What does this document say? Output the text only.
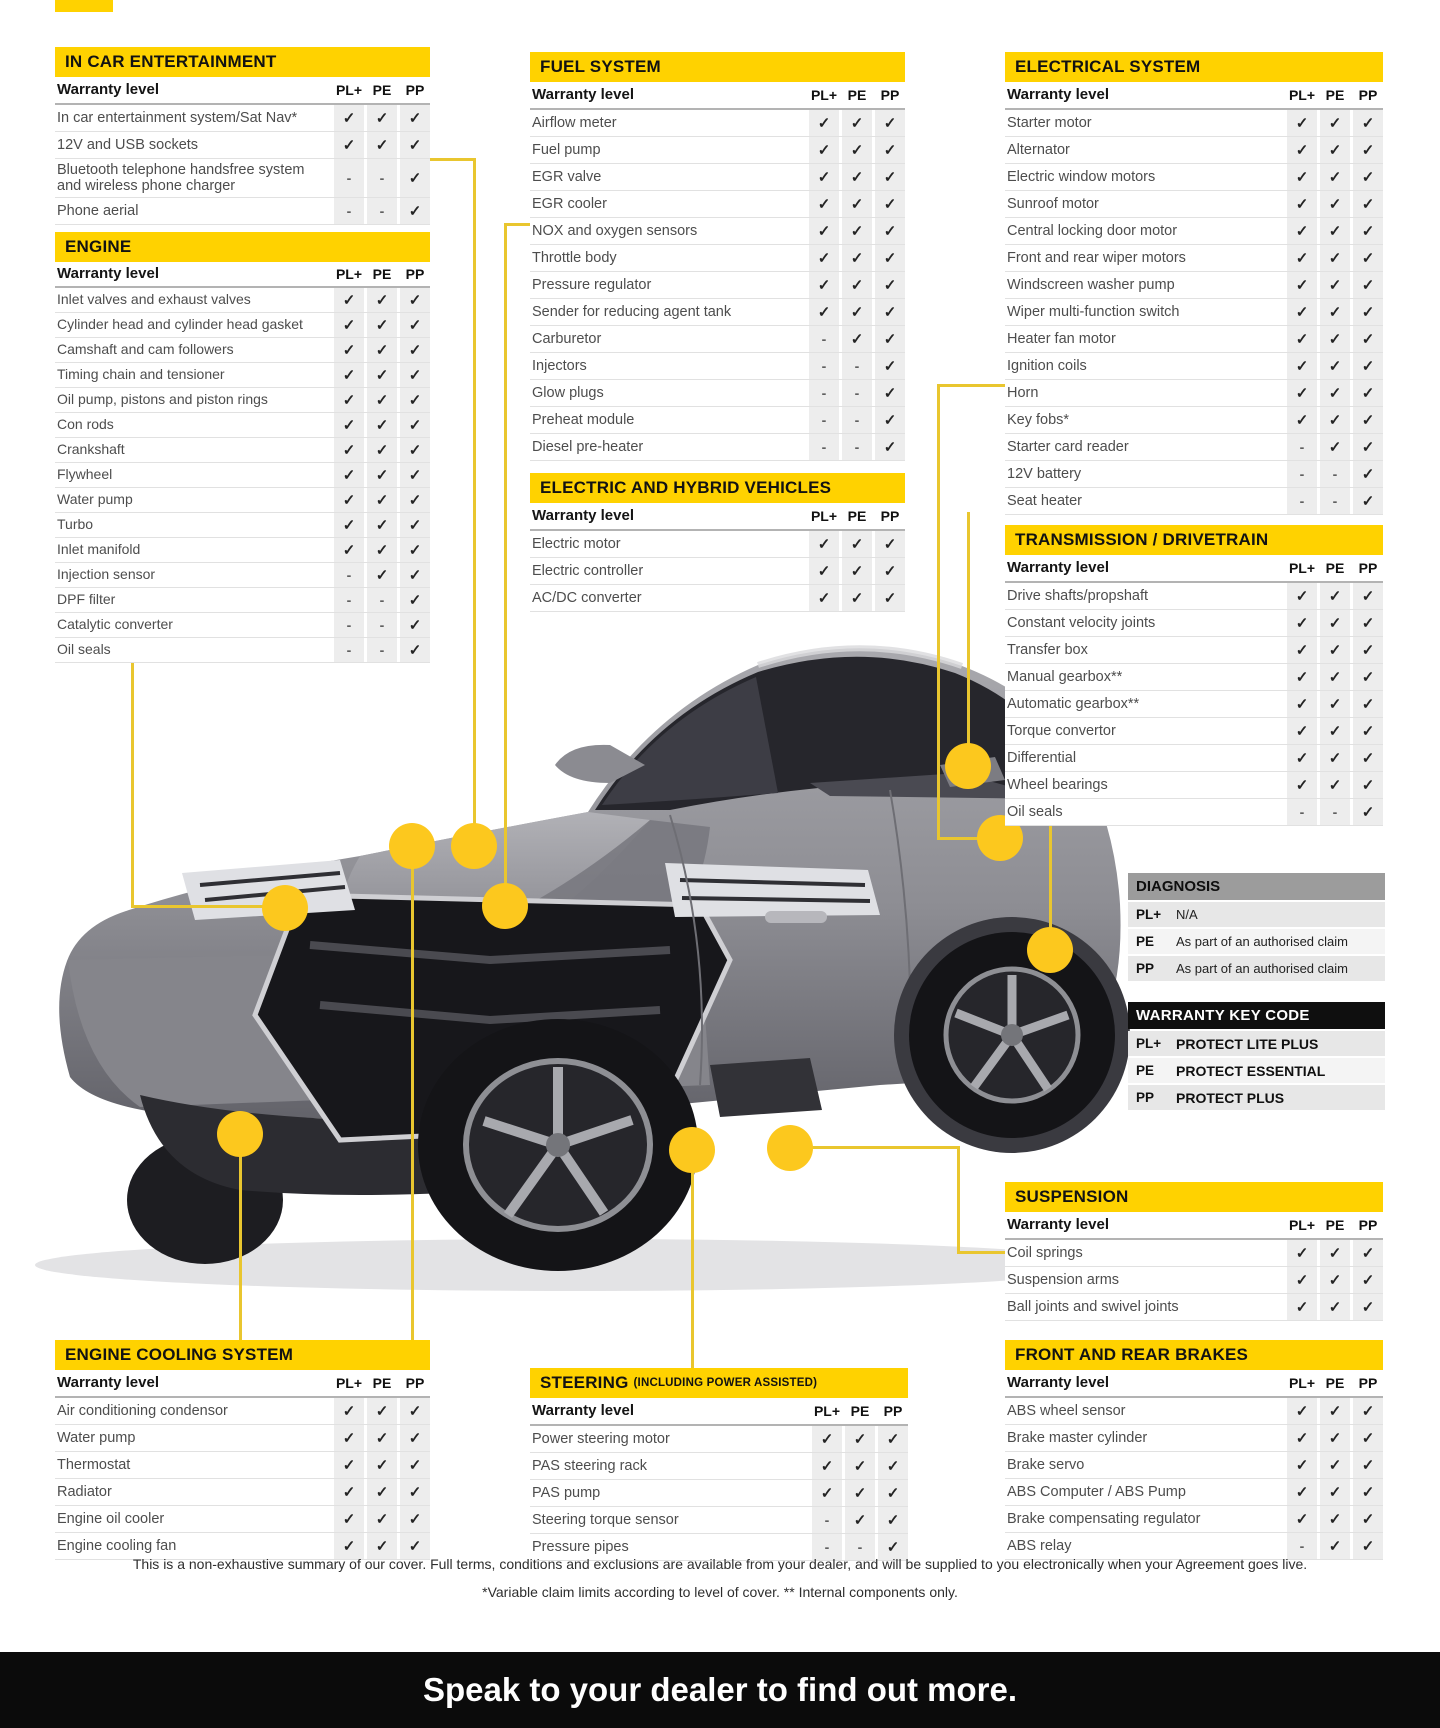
IN CAR ENTERTAINMENT
Warranty level	PL+ PE	PP
In car entertainment system/Sat Nav*	✓	✓	✓
12V and USB sockets	✓	✓	✓
Bluetooth telephone handsfree system and wireless phone charger	-	-	✓
Phone aerial	-	-	✓
ENGINE
Warranty level	PL+ PE	PP
Inlet valves and exhaust valves	✓	✓	✓
Cylinder head and cylinder head gasket	✓	✓	✓
Camshaft and cam followers	✓	✓	✓
Timing chain and tensioner	✓	✓	✓
Oil pump, pistons and piston rings	✓	✓	✓
Con rods	✓	✓	✓
Crankshaft	✓	✓	✓
Flywheel	✓	✓	✓
Water pump	✓	✓	✓
Turbo	✓	✓	✓
Inlet manifold	✓	✓	✓
Injection sensor	-	✓	✓
DPF filter	-	-	✓
Catalytic converter	-	-	✓
Oil seals	-	-	✓
FUEL SYSTEM
Warranty level	PL+ PE	PP
Airflow meter	✓	✓	✓
Fuel pump	✓	✓	✓
EGR valve	✓	✓	✓
EGR cooler	✓	✓	✓
NOX and oxygen sensors	✓	✓	✓
Throttle body	✓	✓	✓
Pressure regulator	✓	✓	✓
Sender for reducing agent tank	✓	✓	✓
Carburetor	-	✓	✓
Injectors	-	-	✓
Glow plugs	-	-	✓
Preheat module	-	-	✓
Diesel pre-heater	-	-	✓
ELECTRIC AND HYBRID VEHICLES
Warranty level	PL+ PE	PP
Electric motor	✓	✓	✓
Electric controller	✓	✓	✓
AC/DC converter	✓	✓	✓
ELECTRICAL SYSTEM
Warranty level	PL+ PE	PP
Starter motor	✓	✓	✓
Alternator	✓	✓	✓
Electric window motors	✓	✓	✓
Sunroof motor	✓	✓	✓
Central locking door motor	✓	✓	✓
Front and rear wiper motors	✓	✓	✓
Windscreen washer pump	✓	✓	✓
Wiper multi-function switch	✓	✓	✓
Heater fan motor	✓	✓	✓
Ignition coils	✓	✓	✓
Horn	✓	✓	✓
Key fobs*	✓	✓	✓
Starter card reader	-	✓	✓
12V battery	-	-	✓
Seat heater	-	-	✓
TRANSMISSION / DRIVETRAIN
Warranty level	PL+ PE	PP
Drive shafts/propshaft	✓	✓	✓
Constant velocity joints	✓	✓	✓
Transfer box	✓	✓	✓
Manual gearbox**	✓	✓	✓
Automatic gearbox**	✓	✓	✓
Torque convertor	✓	✓	✓
Differential	✓	✓	✓
Wheel bearings	✓	✓	✓
Oil seals	-	-	✓
SUSPENSION
Warranty level	PL+ PE	PP
Coil springs	✓	✓	✓
Suspension arms	✓	✓	✓
Ball joints and swivel joints	✓	✓	✓
FRONT AND REAR BRAKES
Warranty level	PL+ PE	PP
ABS wheel sensor	✓	✓	✓
Brake master cylinder	✓	✓	✓
Brake servo	✓	✓	✓
ABS Computer / ABS Pump	✓	✓	✓
Brake compensating regulator	✓	✓	✓
ABS relay	-	✓	✓
ENGINE COOLING SYSTEM
Warranty level	PL+ PE	PP
Air conditioning condensor	✓	✓	✓
Water pump	✓	✓	✓
Thermostat	✓	✓	✓
Radiator	✓	✓	✓
Engine oil cooler	✓	✓	✓
Engine cooling fan	✓	✓	✓
STEERING (INCLUDING POWER ASSISTED)
Warranty level	PL+ PE	PP
Power steering motor	✓	✓	✓
PAS steering rack	✓	✓	✓
PAS pump	✓	✓	✓
Steering torque sensor	-	✓	✓
Pressure pipes	-	-	✓
DIAGNOSIS
PL+	N/A
PE	As part of an authorised claim
PP	As part of an authorised claim
WARRANTY KEY CODE
PL+	PROTECT LITE PLUS
PE	PROTECT ESSENTIAL
PP	PROTECT PLUS
This is a non-exhaustive summary of our cover. Full terms, conditions and exclusions are available from your dealer, and will be supplied to you electronically when your Agreement goes live.
*Variable claim limits according to level of cover. ** Internal components only.
Speak to your dealer to find out more.
